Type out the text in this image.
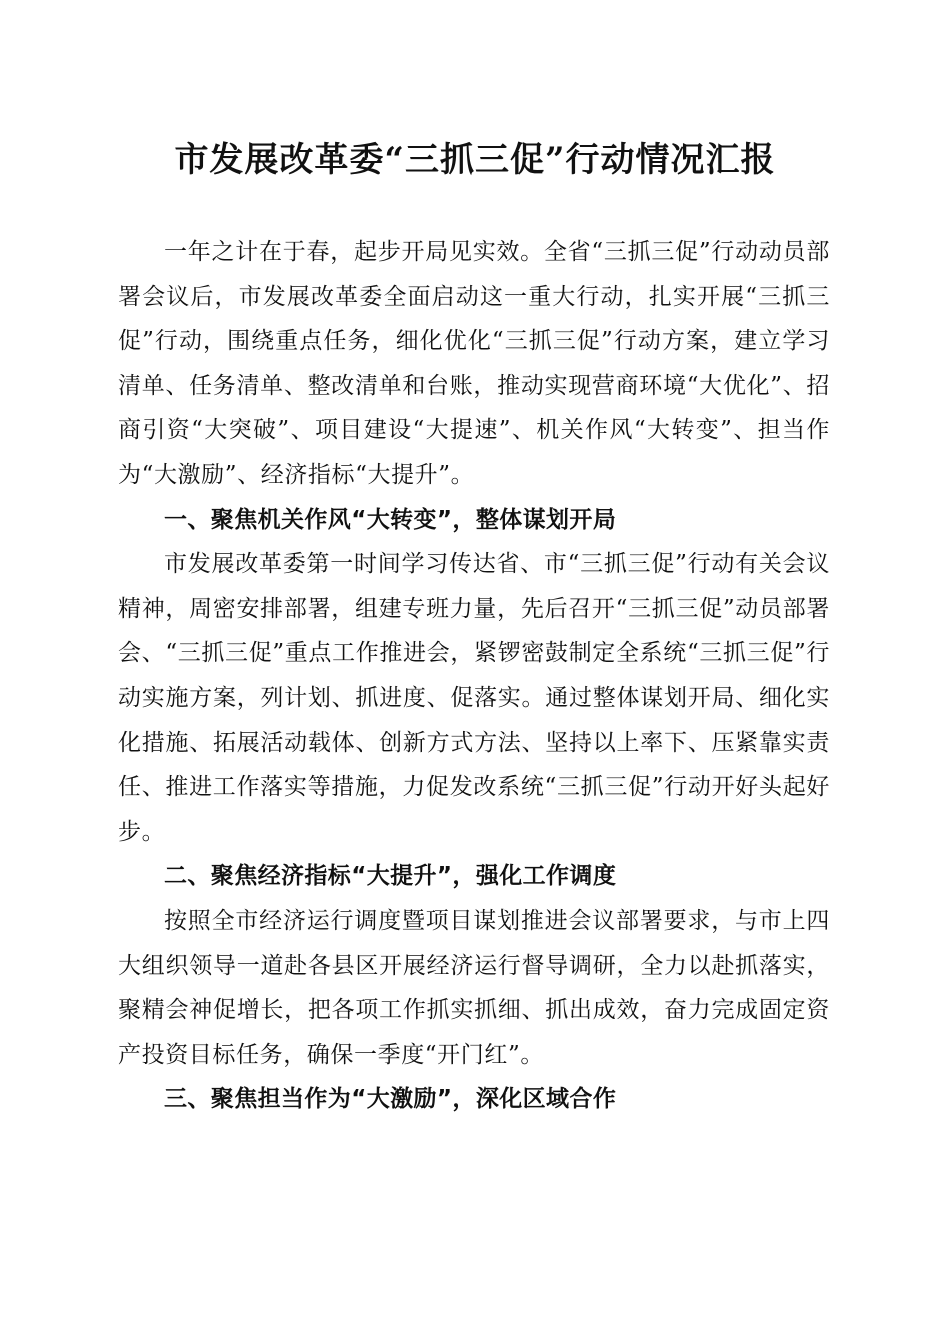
市发展改革委“三抓三促”行动情况汇报

一年之计在于春，起步开局见实效。全省“三抓三促”行动动员部署会议后，市发展改革委全面启动这一重大行动，扎实开展“三抓三促”行动，围绕重点任务，细化优化“三抓三促”行动方案，建立学习清单、任务清单、整改清单和台账，推动实现营商环境“大优化”、招商引资“大突破”、项目建设“大提速”、机关作风“大转变”、担当作为“大激励”、经济指标“大提升”。

一、聚焦机关作风“大转变”，整体谋划开局

市发展改革委第一时间学习传达省、市“三抓三促”行动有关会议精神，周密安排部署，组建专班力量，先后召开“三抓三促”动员部署会、“三抓三促”重点工作推进会，紧锣密鼓制定全系统“三抓三促”行动实施方案，列计划、抓进度、促落实。通过整体谋划开局、细化实化措施、拓展活动载体、创新方式方法、坚持以上率下、压紧靠实责任、推进工作落实等措施，力促发改系统“三抓三促”行动开好头起好步。

二、聚焦经济指标“大提升”，强化工作调度

按照全市经济运行调度暨项目谋划推进会议部署要求，与市上四大组织领导一道赴各县区开展经济运行督导调研，全力以赴抓落实，聚精会神促增长，把各项工作抓实抓细、抓出成效，奋力完成固定资产投资目标任务，确保一季度“开门红”。

三、聚焦担当作为“大激励”，深化区域合作
